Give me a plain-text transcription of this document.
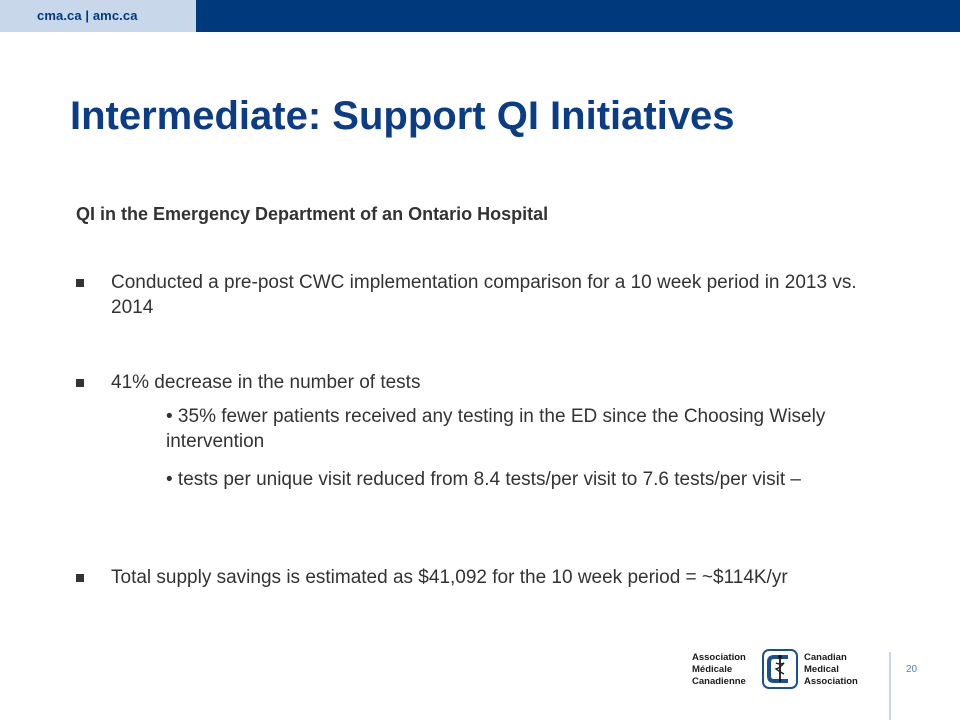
cma.ca | amc.ca
Intermediate: Support QI Initiatives
QI in the Emergency Department of an Ontario Hospital
Conducted a pre-post CWC implementation comparison for a 10 week period in 2013 vs. 2014
41% decrease in the number of tests
• 35% fewer patients received any testing in the ED since the Choosing Wisely intervention
• tests per unique visit reduced from 8.4 tests/per visit to 7.6 tests/per visit –
Total supply savings is estimated as $41,092 for the 10 week period = ~$114K/yr
Association
Médicale
Canadienne
Canadian
Medical
Association
20
